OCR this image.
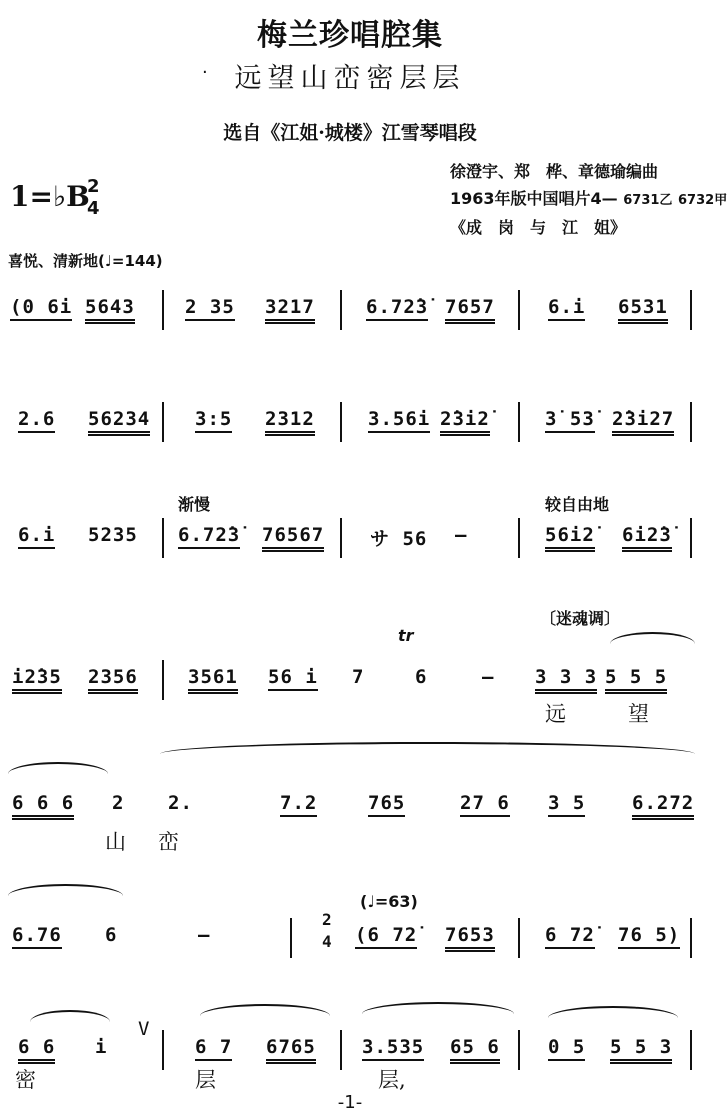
梅兰珍唱腔集
· 远望山峦密层层
选自《江姐·城楼》江雪琴唱段
1=♭B
2
4
徐澄宇、郑　桦、章德瑜编曲
1963年版中国唱片4— 6731乙 6732甲
《成　岗　与　江　姐》
喜悦、清新地(♩=144)
(0 6i 5643	2 35 3217	6.72̇3̇ 7657	6.i 6531
2.6 56234 3:5 2312	3.56i 2̇3i2̇	3̇ 53̇ 2̇3i27
渐慢	较自由地
6.i 5235 6.72̇3̇ 76567 サ 56 –	56i2̇ 6i2̇3̇
tr
〔迷魂调〕
i2̇35 2356	3561 56 i 7	6	– 3 3 3 5 5 5
远	望
6 6 6 2 2.	7.2	765	27 6 3 5 6.272
山 峦
(♩=63)
6.76 6	–
2
4 (6 72̇ 7653	6 72̇ 76 5)
6 6 i
V
6 7 6765 3.535 65 6	0 5 5 5 3
密	层	层,
-1-
